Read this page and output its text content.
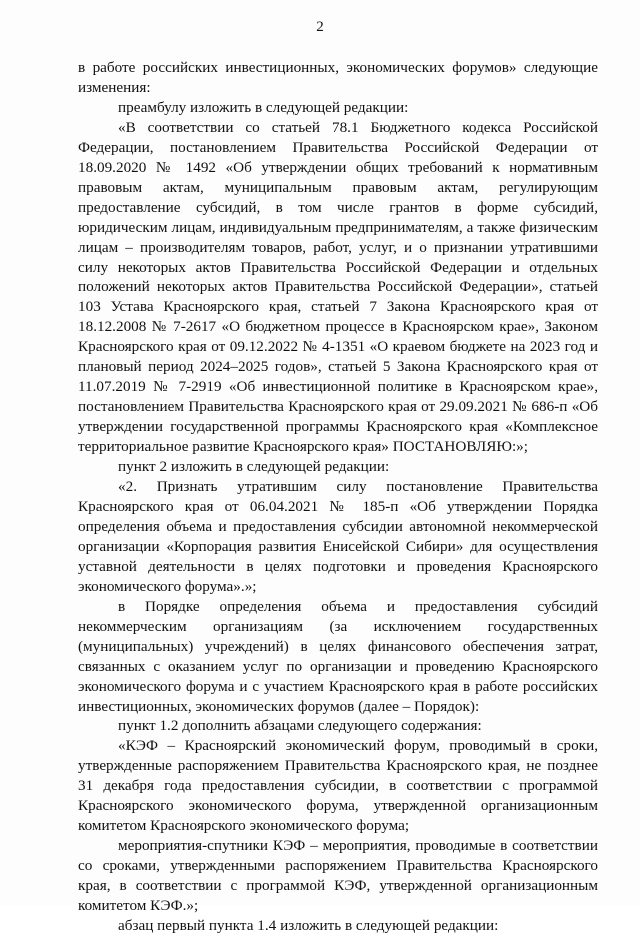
2

в работе российских инвестиционных, экономических форумов» следующие изменения:

преамбулу изложить в следующей редакции:

«В соответствии со статьей 78.1 Бюджетного кодекса Российской Федерации, постановлением Правительства Российской Федерации от 18.09.2020 № 1492 «Об утверждении общих требований к нормативным правовым актам, муниципальным правовым актам, регулирующим предоставление субсидий, в том числе грантов в форме субсидий, юридическим лицам, индивидуальным предпринимателям, а также физическим лицам – производителям товаров, работ, услуг, и о признании утратившими силу некоторых актов Правительства Российской Федерации и отдельных положений некоторых актов Правительства Российской Федерации», статьей 103 Устава Красноярского края, статьей 7 Закона Красноярского края от 18.12.2008 № 7-2617 «О бюджетном процессе в Красноярском крае», Законом Красноярского края от 09.12.2022 № 4-1351 «О краевом бюджете на 2023 год и плановый период 2024–2025 годов», статьей 5 Закона Красноярского края от 11.07.2019 № 7-2919 «Об инвестиционной политике в Красноярском крае», постановлением Правительства Красноярского края от 29.09.2021 № 686-п «Об утверждении государственной программы Красноярского края «Комплексное территориальное развитие Красноярского края» ПОСТАНОВЛЯЮ:»;

пункт 2 изложить в следующей редакции:

«2. Признать утратившим силу постановление Правительства Красноярского края от 06.04.2021 № 185-п «Об утверждении Порядка определения объема и предоставления субсидии автономной некоммерческой организации «Корпорация развития Енисейской Сибири» для осуществления уставной деятельности в целях подготовки и проведения Красноярского экономического форума».»;

в Порядке определения объема и предоставления субсидий некоммерческим организациям (за исключением государственных (муниципальных) учреждений) в целях финансового обеспечения затрат, связанных с оказанием услуг по организации и проведению Красноярского экономического форума и с участием Красноярского края в работе российских инвестиционных, экономических форумов (далее – Порядок):

пункт 1.2 дополнить абзацами следующего содержания:

«КЭФ – Красноярский экономический форум, проводимый в сроки, утвержденные распоряжением Правительства Красноярского края, не позднее 31 декабря года предоставления субсидии, в соответствии с программой Красноярского экономического форума, утвержденной организационным комитетом Красноярского экономического форума;

мероприятия-спутники КЭФ – мероприятия, проводимые в соответствии со сроками, утвержденными распоряжением Правительства Красноярского края, в соответствии с программой КЭФ, утвержденной организационным комитетом КЭФ.»;

абзац первый пункта 1.4 изложить в следующей редакции:
